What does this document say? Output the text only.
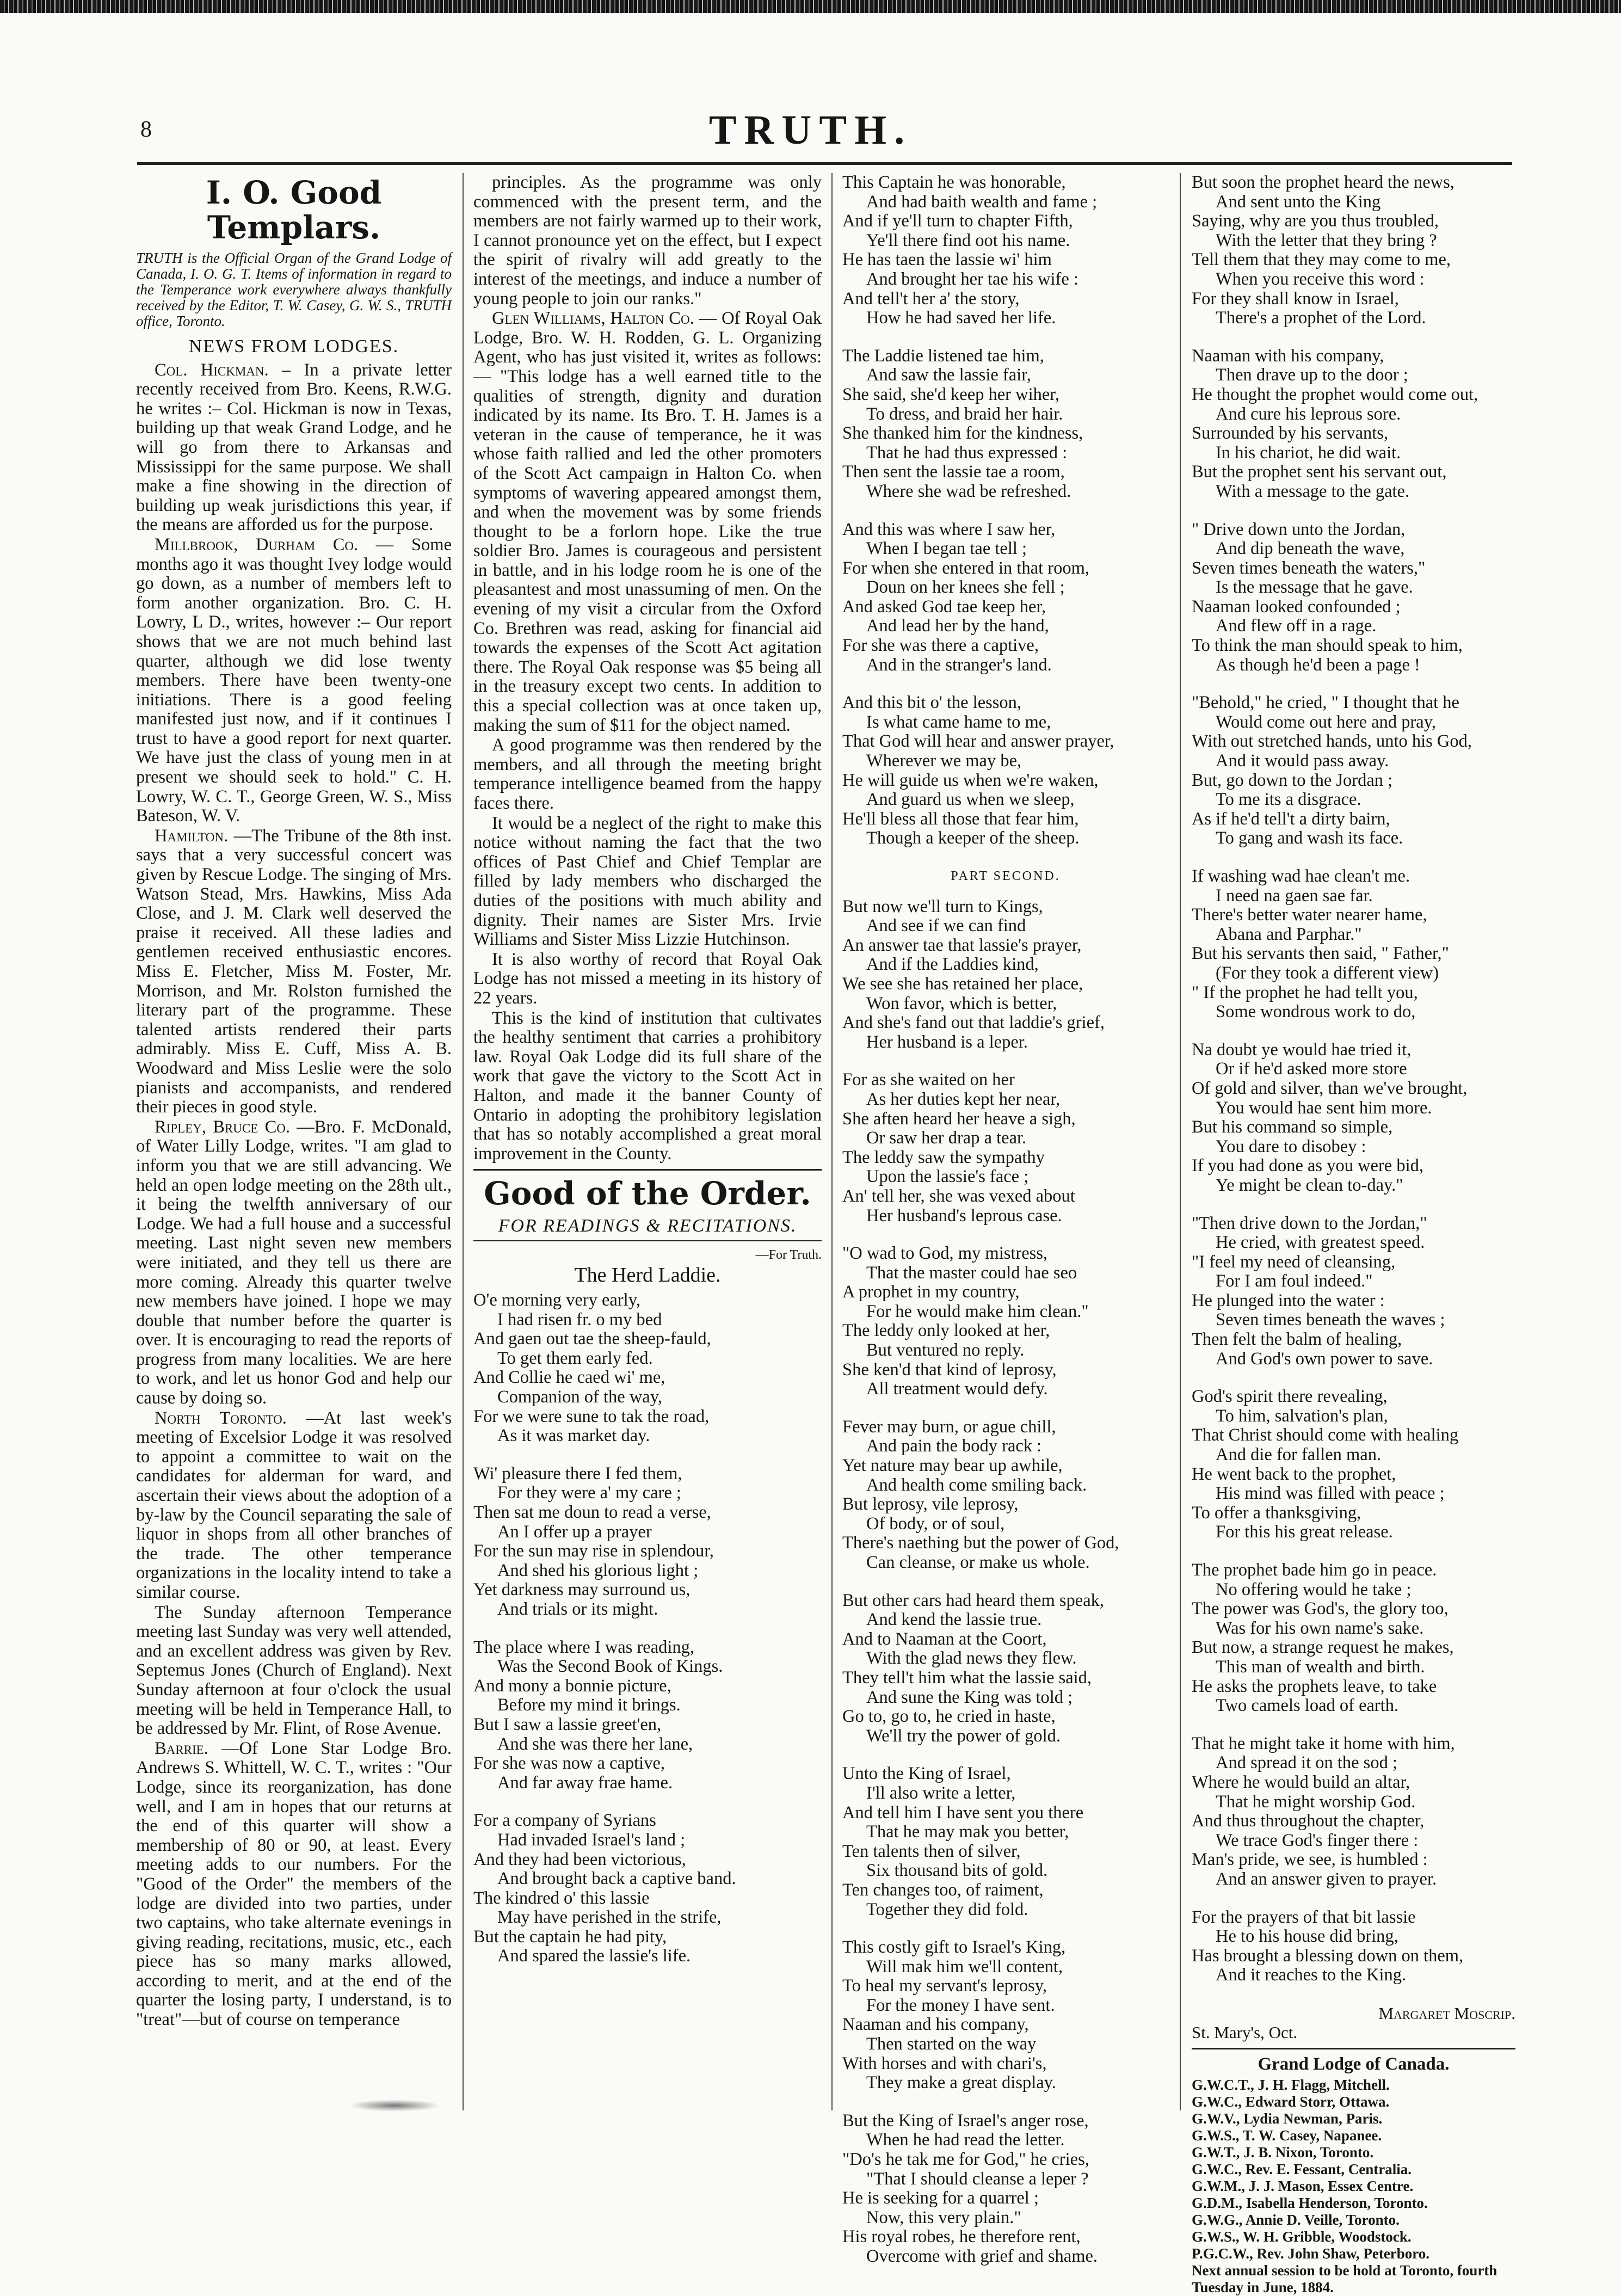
8	TRUTH.
I. O. Good Templars.
TRUTH is the Official Organ of the Grand Lodge of Canada, I. O. G. T. Items of information in regard to the Temperance work everywhere always thankfully received by the Editor, T. W. Casey, G. W. S., TRUTH office, Toronto.
NEWS FROM LODGES.

Col. Hickman. – In a private letter recently received from Bro. Keens, R.W.G. he writes :– Col. Hickman is now in Texas, building up that weak Grand Lodge, and he will go from there to Arkansas and Mississippi for the same purpose. We shall make a fine showing in the direction of building up weak jurisdictions this year, if the means are afforded us for the purpose.

Millbrook, Durham Co. — Some months ago it was thought Ivey lodge would go down, as a number of members left to form another organization. Bro. C. H. Lowry, L D., writes, however :– Our report shows that we are not much behind last quarter, although we did lose twenty members. There have been twenty-one initiations. There is a good feeling manifested just now, and if it continues I trust to have a good report for next quarter. We have just the class of young men in at present we should seek to hold." C. H. Lowry, W. C. T., George Green, W. S., Miss Bateson, W. V.

Hamilton. —The Tribune of the 8th inst. says that a very successful concert was given by Rescue Lodge. The singing of Mrs. Watson Stead, Mrs. Hawkins, Miss Ada Close, and J. M. Clark well deserved the praise it received. All these ladies and gentlemen received enthusiastic encores. Miss E. Fletcher, Miss M. Foster, Mr. Morrison, and Mr. Rolston furnished the literary part of the programme. These talented artists rendered their parts admirably. Miss E. Cuff, Miss A. B. Woodward and Miss Leslie were the solo pianists and accompanists, and rendered their pieces in good style.

Ripley, Bruce Co. —Bro. F. McDonald, of Water Lilly Lodge, writes. "I am glad to inform you that we are still advancing. We held an open lodge meeting on the 28th ult., it being the twelfth anniversary of our Lodge. We had a full house and a successful meeting. Last night seven new members were initiated, and they tell us there are more coming. Already this quarter twelve new members have joined. I hope we may double that number before the quarter is over. It is encouraging to read the reports of progress from many localities. We are here to work, and let us honor God and help our cause by doing so.

North Toronto. —At last week's meeting of Excelsior Lodge it was resolved to appoint a committee to wait on the candidates for alderman for ward, and ascertain their views about the adoption of a by-law by the Council separating the sale of liquor in shops from all other branches of the trade. The other temperance organizations in the locality intend to take a similar course.

The Sunday afternoon Temperance meeting last Sunday was very well attended, and an excellent address was given by Rev. Septemus Jones (Church of England). Next Sunday afternoon at four o'clock the usual meeting will be held in Temperance Hall, to be addressed by Mr. Flint, of Rose Avenue.

Barrie. —Of Lone Star Lodge Bro. Andrews S. Whittell, W. C. T., writes : "Our Lodge, since its reorganization, has done well, and I am in hopes that our returns at the end of this quarter will show a membership of 80 or 90, at least. Every meeting adds to our numbers. For the "Good of the Order" the members of the lodge are divided into two parties, under two captains, who take alternate evenings in giving reading, recitations, music, etc., each piece has so many marks allowed, according to merit, and at the end of the quarter the losing party, I understand, is to "treat"—but of course on temperance

principles. As the programme was only commenced with the present term, and the members are not fairly warmed up to their work, I cannot pronounce yet on the effect, but I expect the spirit of rivalry will add greatly to the interest of the meetings, and induce a number of young people to join our ranks."

Glen Williams, Halton Co. — Of Royal Oak Lodge, Bro. W. H. Rodden, G. L. Organizing Agent, who has just visited it, writes as follows: — "This lodge has a well earned title to the qualities of strength, dignity and duration indicated by its name. Its Bro. T. H. James is a veteran in the cause of temperance, he it was whose faith rallied and led the other promoters of the Scott Act campaign in Halton Co. when symptoms of wavering appeared amongst them, and when the movement was by some friends thought to be a forlorn hope. Like the true soldier Bro. James is courageous and persistent in battle, and in his lodge room he is one of the pleasantest and most unassuming of men. On the evening of my visit a circular from the Oxford Co. Brethren was read, asking for financial aid towards the expenses of the Scott Act agitation there. The Royal Oak response was $5 being all in the treasury except two cents. In addition to this a special collection was at once taken up, making the sum of $11 for the object named.

A good programme was then rendered by the members, and all through the meeting bright temperance intelligence beamed from the happy faces there.

It would be a neglect of the right to make this notice without naming the fact that the two offices of Past Chief and Chief Templar are filled by lady members who discharged the duties of the positions with much ability and dignity. Their names are Sister Mrs. Irvie Williams and Sister Miss Lizzie Hutchinson.

It is also worthy of record that Royal Oak Lodge has not missed a meeting in its history of 22 years.

This is the kind of institution that cultivates the healthy sentiment that carries a prohibitory law. Royal Oak Lodge did its full share of the work that gave the victory to the Scott Act in Halton, and made it the banner County of Ontario in adopting the prohibitory legislation that has so notably accomplished a great moral improvement in the County.

Good of the Order.
FOR READINGS & RECITATIONS.
—For Truth.
The Herd Laddie.
O'e morning very early,
I had risen fr. o my bed
And gaen out tae the sheep-fauld,
To get them early fed.
And Collie he caed wi' me,
Companion of the way,
For we were sune to tak the road,
As it was market day.
Wi' pleasure there I fed them,
For they were a' my care ;
Then sat me doun to read a verse,
An I offer up a prayer
For the sun may rise in splendour,
And shed his glorious light ;
Yet darkness may surround us,
And trials or its might.
The place where I was reading,
Was the Second Book of Kings.
And mony a bonnie picture,
Before my mind it brings.
But I saw a lassie greet'en,
And she was there her lane,
For she was now a captive,
And far away frae hame.
For a company of Syrians
Had invaded Israel's land ;
And they had been victorious,
And brought back a captive band.
The kindred o' this lassie
May have perished in the strife,
But the captain he had pity,
And spared the lassie's life.
This Captain he was honorable,
And had baith wealth and fame ;
And if ye'll turn to chapter Fifth,
Ye'll there find oot his name.
He has taen the lassie wi' him
And brought her tae his wife :
And tell't her a' the story,
How he had saved her life.
The Laddie listened tae him,
And saw the lassie fair,
She said, she'd keep her wiher,
To dress, and braid her hair.
She thanked him for the kindness,
That he had thus expressed :
Then sent the lassie tae a room,
Where she wad be refreshed.
And this was where I saw her,
When I began tae tell ;
For when she entered in that room,
Doun on her knees she fell ;
And asked God tae keep her,
And lead her by the hand,
For she was there a captive,
And in the stranger's land.
And this bit o' the lesson,
Is what came hame to me,
That God will hear and answer prayer,
Wherever we may be,
He will guide us when we're waken,
And guard us when we sleep,
He'll bless all those that fear him,
Though a keeper of the sheep.
PART SECOND.
But now we'll turn to Kings,
And see if we can find
An answer tae that lassie's prayer,
And if the Laddies kind,
We see she has retained her place,
Won favor, which is better,
And she's fand out that laddie's grief,
Her husband is a leper.
For as she waited on her
As her duties kept her near,
She aften heard her heave a sigh,
Or saw her drap a tear.
The leddy saw the sympathy
Upon the lassie's face ;
An' tell her, she was vexed about
Her husband's leprous case.
"O wad to God, my mistress,
That the master could hae seo
A prophet in my country,
For he would make him clean."
The leddy only looked at her,
But ventured no reply.
She ken'd that kind of leprosy,
All treatment would defy.
Fever may burn, or ague chill,
And pain the body rack :
Yet nature may bear up awhile,
And health come smiling back.
But leprosy, vile leprosy,
Of body, or of soul,
There's naething but the power of God,
Can cleanse, or make us whole.
But other cars had heard them speak,
And kend the lassie true.
And to Naaman at the Coort,
With the glad news they flew.
They tell't him what the lassie said,
And sune the King was told ;
Go to, go to, he cried in haste,
We'll try the power of gold.
Unto the King of Israel,
I'll also write a letter,
And tell him I have sent you there
That he may mak you better,
Ten talents then of silver,
Six thousand bits of gold.
Ten changes too, of raiment,
Together they did fold.
This costly gift to Israel's King,
Will mak him we'll content,
To heal my servant's leprosy,
For the money I have sent.
Naaman and his company,
Then started on the way
With horses and with chari's,
They make a great display.
But the King of Israel's anger rose,
When he had read the letter.
"Do's he tak me for God," he cries,
"That I should cleanse a leper ?
He is seeking for a quarrel ;
Now, this very plain."
His royal robes, he therefore rent,
Overcome with grief and shame.
But soon the prophet heard the news,
And sent unto the King
Saying, why are you thus troubled,
With the letter that they bring ?
Tell them that they may come to me,
When you receive this word :
For they shall know in Israel,
There's a prophet of the Lord.
Naaman with his company,
Then drave up to the door ;
He thought the prophet would come out,
And cure his leprous sore.
Surrounded by his servants,
In his chariot, he did wait.
But the prophet sent his servant out,
With a message to the gate.
" Drive down unto the Jordan,
And dip beneath the wave,
Seven times beneath the waters,"
Is the message that he gave.
Naaman looked confounded ;
And flew off in a rage.
To think the man should speak to him,
As though he'd been a page !
"Behold," he cried, " I thought that he
Would come out here and pray,
With out stretched hands, unto his God,
And it would pass away.
But, go down to the Jordan ;
To me its a disgrace.
As if he'd tell't a dirty bairn,
To gang and wash its face.
If washing wad hae clean't me.
I need na gaen sae far.
There's better water nearer hame,
Abana and Parphar."
But his servants then said, " Father,"
(For they took a different view)
" If the prophet he had tellt you,
Some wondrous work to do,
Na doubt ye would hae tried it,
Or if he'd asked more store
Of gold and silver, than we've brought,
You would hae sent him more.
But his command so simple,
You dare to disobey :
If you had done as you were bid,
Ye might be clean to-day."
"Then drive down to the Jordan,"
He cried, with greatest speed.
"I feel my need of cleansing,
For I am foul indeed."
He plunged into the water :
Seven times beneath the waves ;
Then felt the balm of healing,
And God's own power to save.
God's spirit there revealing,
To him, salvation's plan,
That Christ should come with healing
And die for fallen man.
He went back to the prophet,
His mind was filled with peace ;
To offer a thanksgiving,
For this his great release.
The prophet bade him go in peace.
No offering would he take ;
The power was God's, the glory too,
Was for his own name's sake.
But now, a strange request he makes,
This man of wealth and birth.
He asks the prophets leave, to take
Two camels load of earth.
That he might take it home with him,
And spread it on the sod ;
Where he would build an altar,
That he might worship God.
And thus throughout the chapter,
We trace God's finger there :
Man's pride, we see, is humbled :
And an answer given to prayer.
For the prayers of that bit lassie
He to his house did bring,
Has brought a blessing down on them,
And it reaches to the King.
Margaret Moscrip.
St. Mary's, Oct.
Grand Lodge of Canada.
G.W.C.T., J. H. Flagg, Mitchell.
G.W.C., Edward Storr, Ottawa.
G.W.V., Lydia Newman, Paris.
G.W.S., T. W. Casey, Napanee.
G.W.T., J. B. Nixon, Toronto.
G.W.C., Rev. E. Fessant, Centralia.
G.W.M., J. J. Mason, Essex Centre.
G.D.M., Isabella Henderson, Toronto.
G.W.G., Annie D. Veille, Toronto.
G.W.S., W. H. Gribble, Woodstock.
P.G.C.W., Rev. John Shaw, Peterboro.
Next annual session to be hold at Toronto, fourth Tuesday in June, 1884.
